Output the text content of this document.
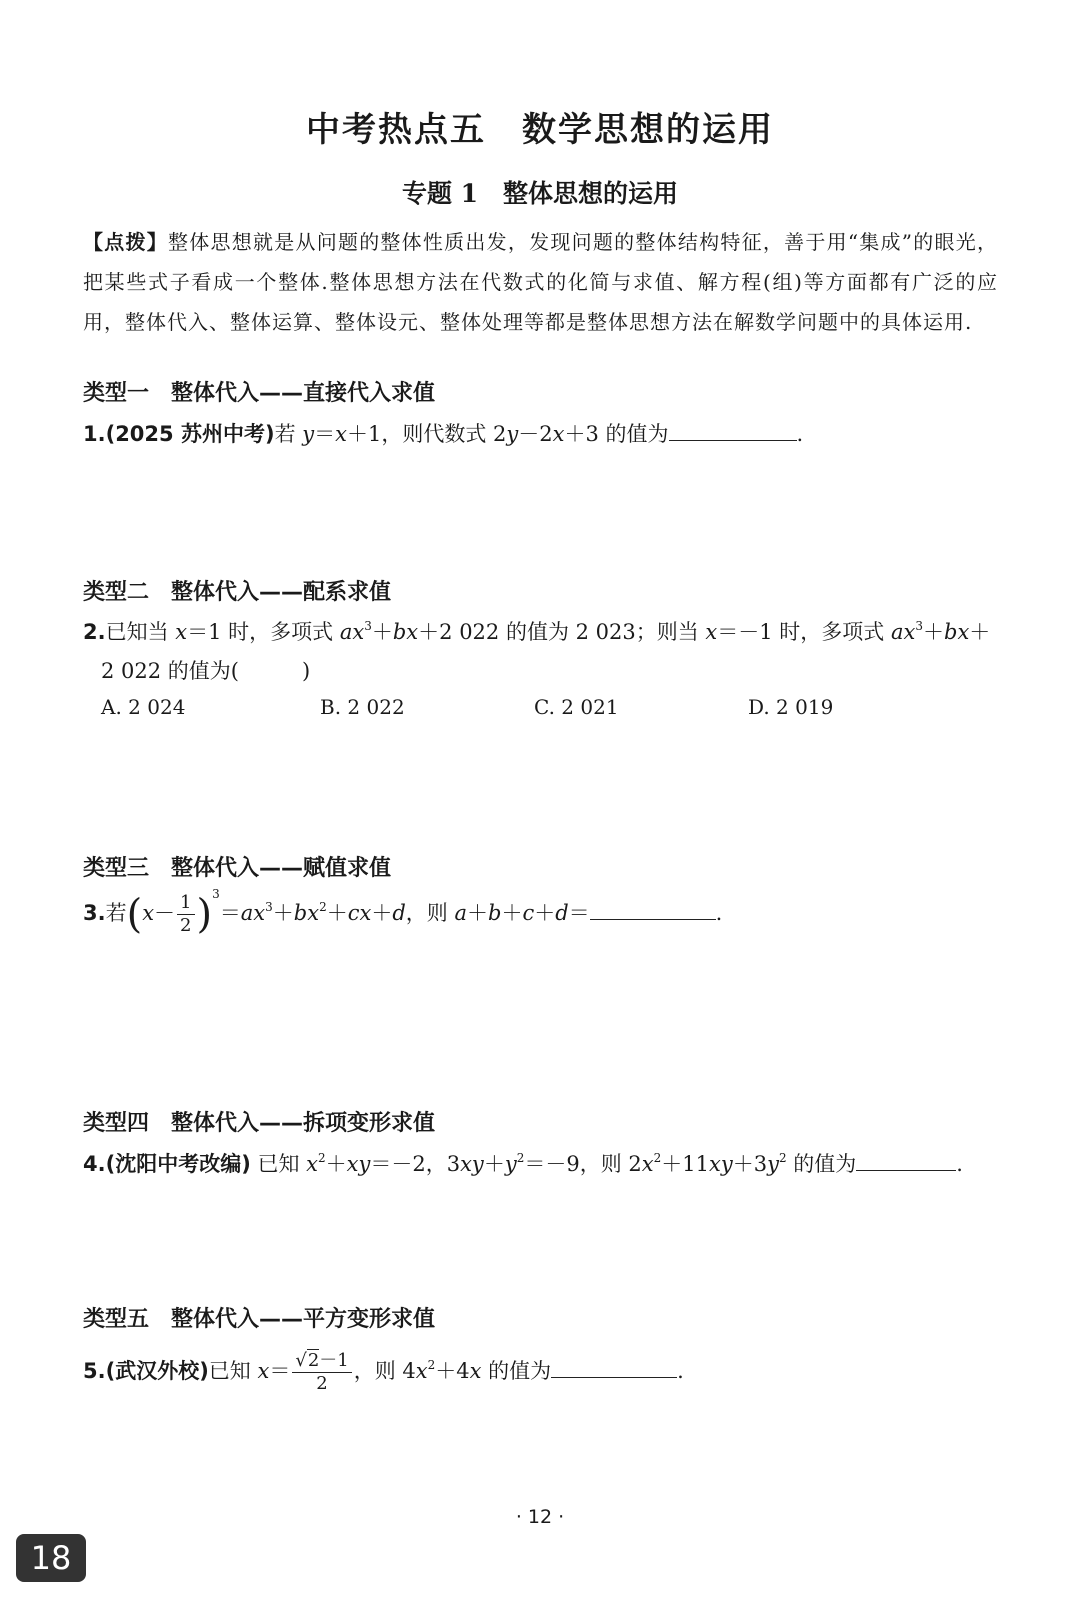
中考热点五　数学思想的运用
专题 1　整体思想的运用
【点拨】整体思想就是从问题的整体性质出发，发现问题的整体结构特征，善于用“集成”的眼光，把某些式子看成一个整体.整体思想方法在代数式的化简与求值、解方程(组)等方面都有广泛的应用，整体代入、整体运算、整体设元、整体处理等都是整体思想方法在解数学问题中的具体运用.
类型一　整体代入——直接代入求值
1.(2025 苏州中考)若 y＝x＋1，则代数式 2y－2x＋3 的值为	.
类型二　整体代入——配系求值
2.已知当 x＝1 时，多项式 $ax^3+bx+2$ 022 的值为 2 023；则当 x＝－1 时，多项式 $ax^3+bx+$
2 022 的值为(　　　)
A. 2 024	B. 2 022	C. 2 021	D. 2 019
类型三　整体代入——赋值求值
3.若$(x- \frac{1}{2} )^3=ax^3+bx^2+cx+d$，则 a＋b＋c＋d＝	.
类型四　整体代入——拆项变形求值
4.(沈阳中考改编) 已知 $x^2+xy=-2$，$3xy+y^2=-9$，则 $2x^2+11xy+3y^2$ 的值为	.
类型五　整体代入——平方变形求值
5.(武汉外校)已知 $x= \frac{√2-1}{2}$ ，则 $4x^2+4x$ 的值为	.
· 12 ·
18
